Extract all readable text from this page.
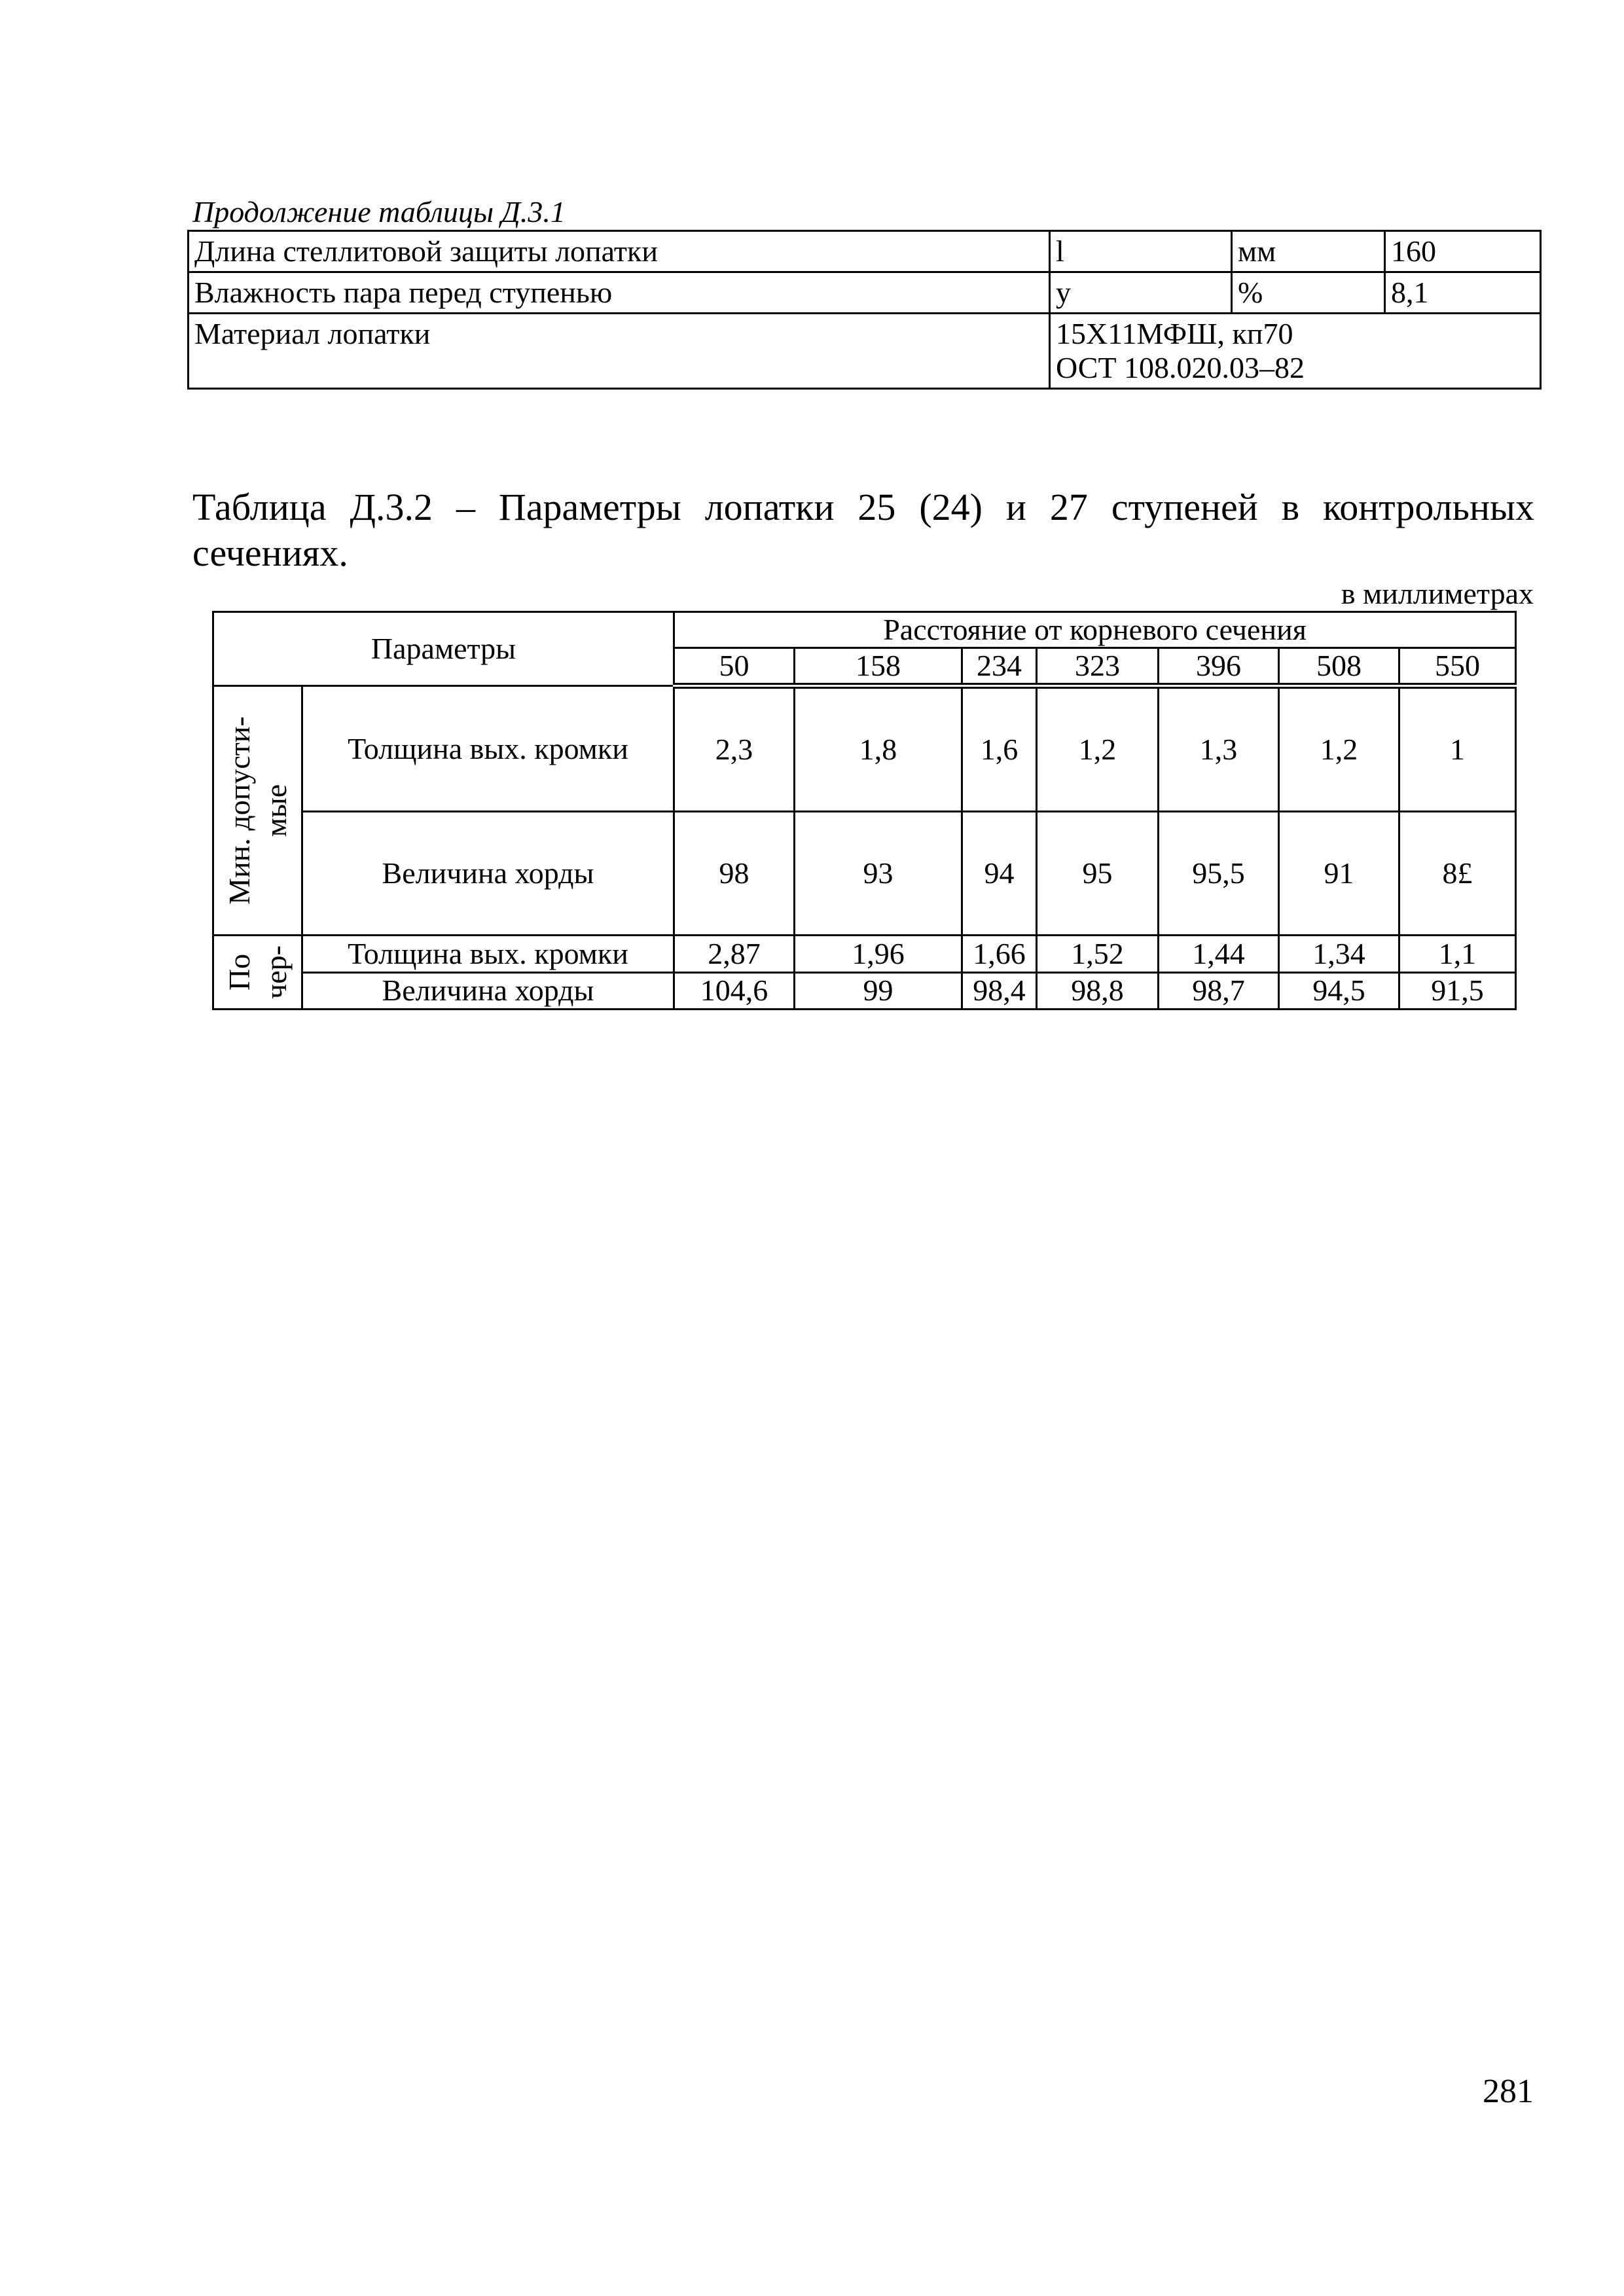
Продолжение таблицы Д.3.1
Длина стеллитовой защиты лопатки	l	мм	160
Влажность пара перед ступенью	у	%	8,1
Материал лопатки	15Х11МФШ, кп70
ОСТ 108.020.03–82		
Таблица Д.3.2 – Параметры лопатки 25 (24) и 27 ступеней в контрольных сечениях.
в миллиметрах
Параметры		Расстояние от корневого сечения						
		50	158	234	323	396	508	550

Мин. допусти- мые	Толщина вых. кромки	2,3	1,8	1,6	1,2	1,3	1,2	1
	Величина хорды	98	93	94	95	95,5	91	8£

По чер-	Толщина вых. кромки	2,87	1,96	1,66	1,52	1,44	1,34	1,1
	Величина хорды	104,6	99	98,4	98,8	98,7	94,5	91,5
281
